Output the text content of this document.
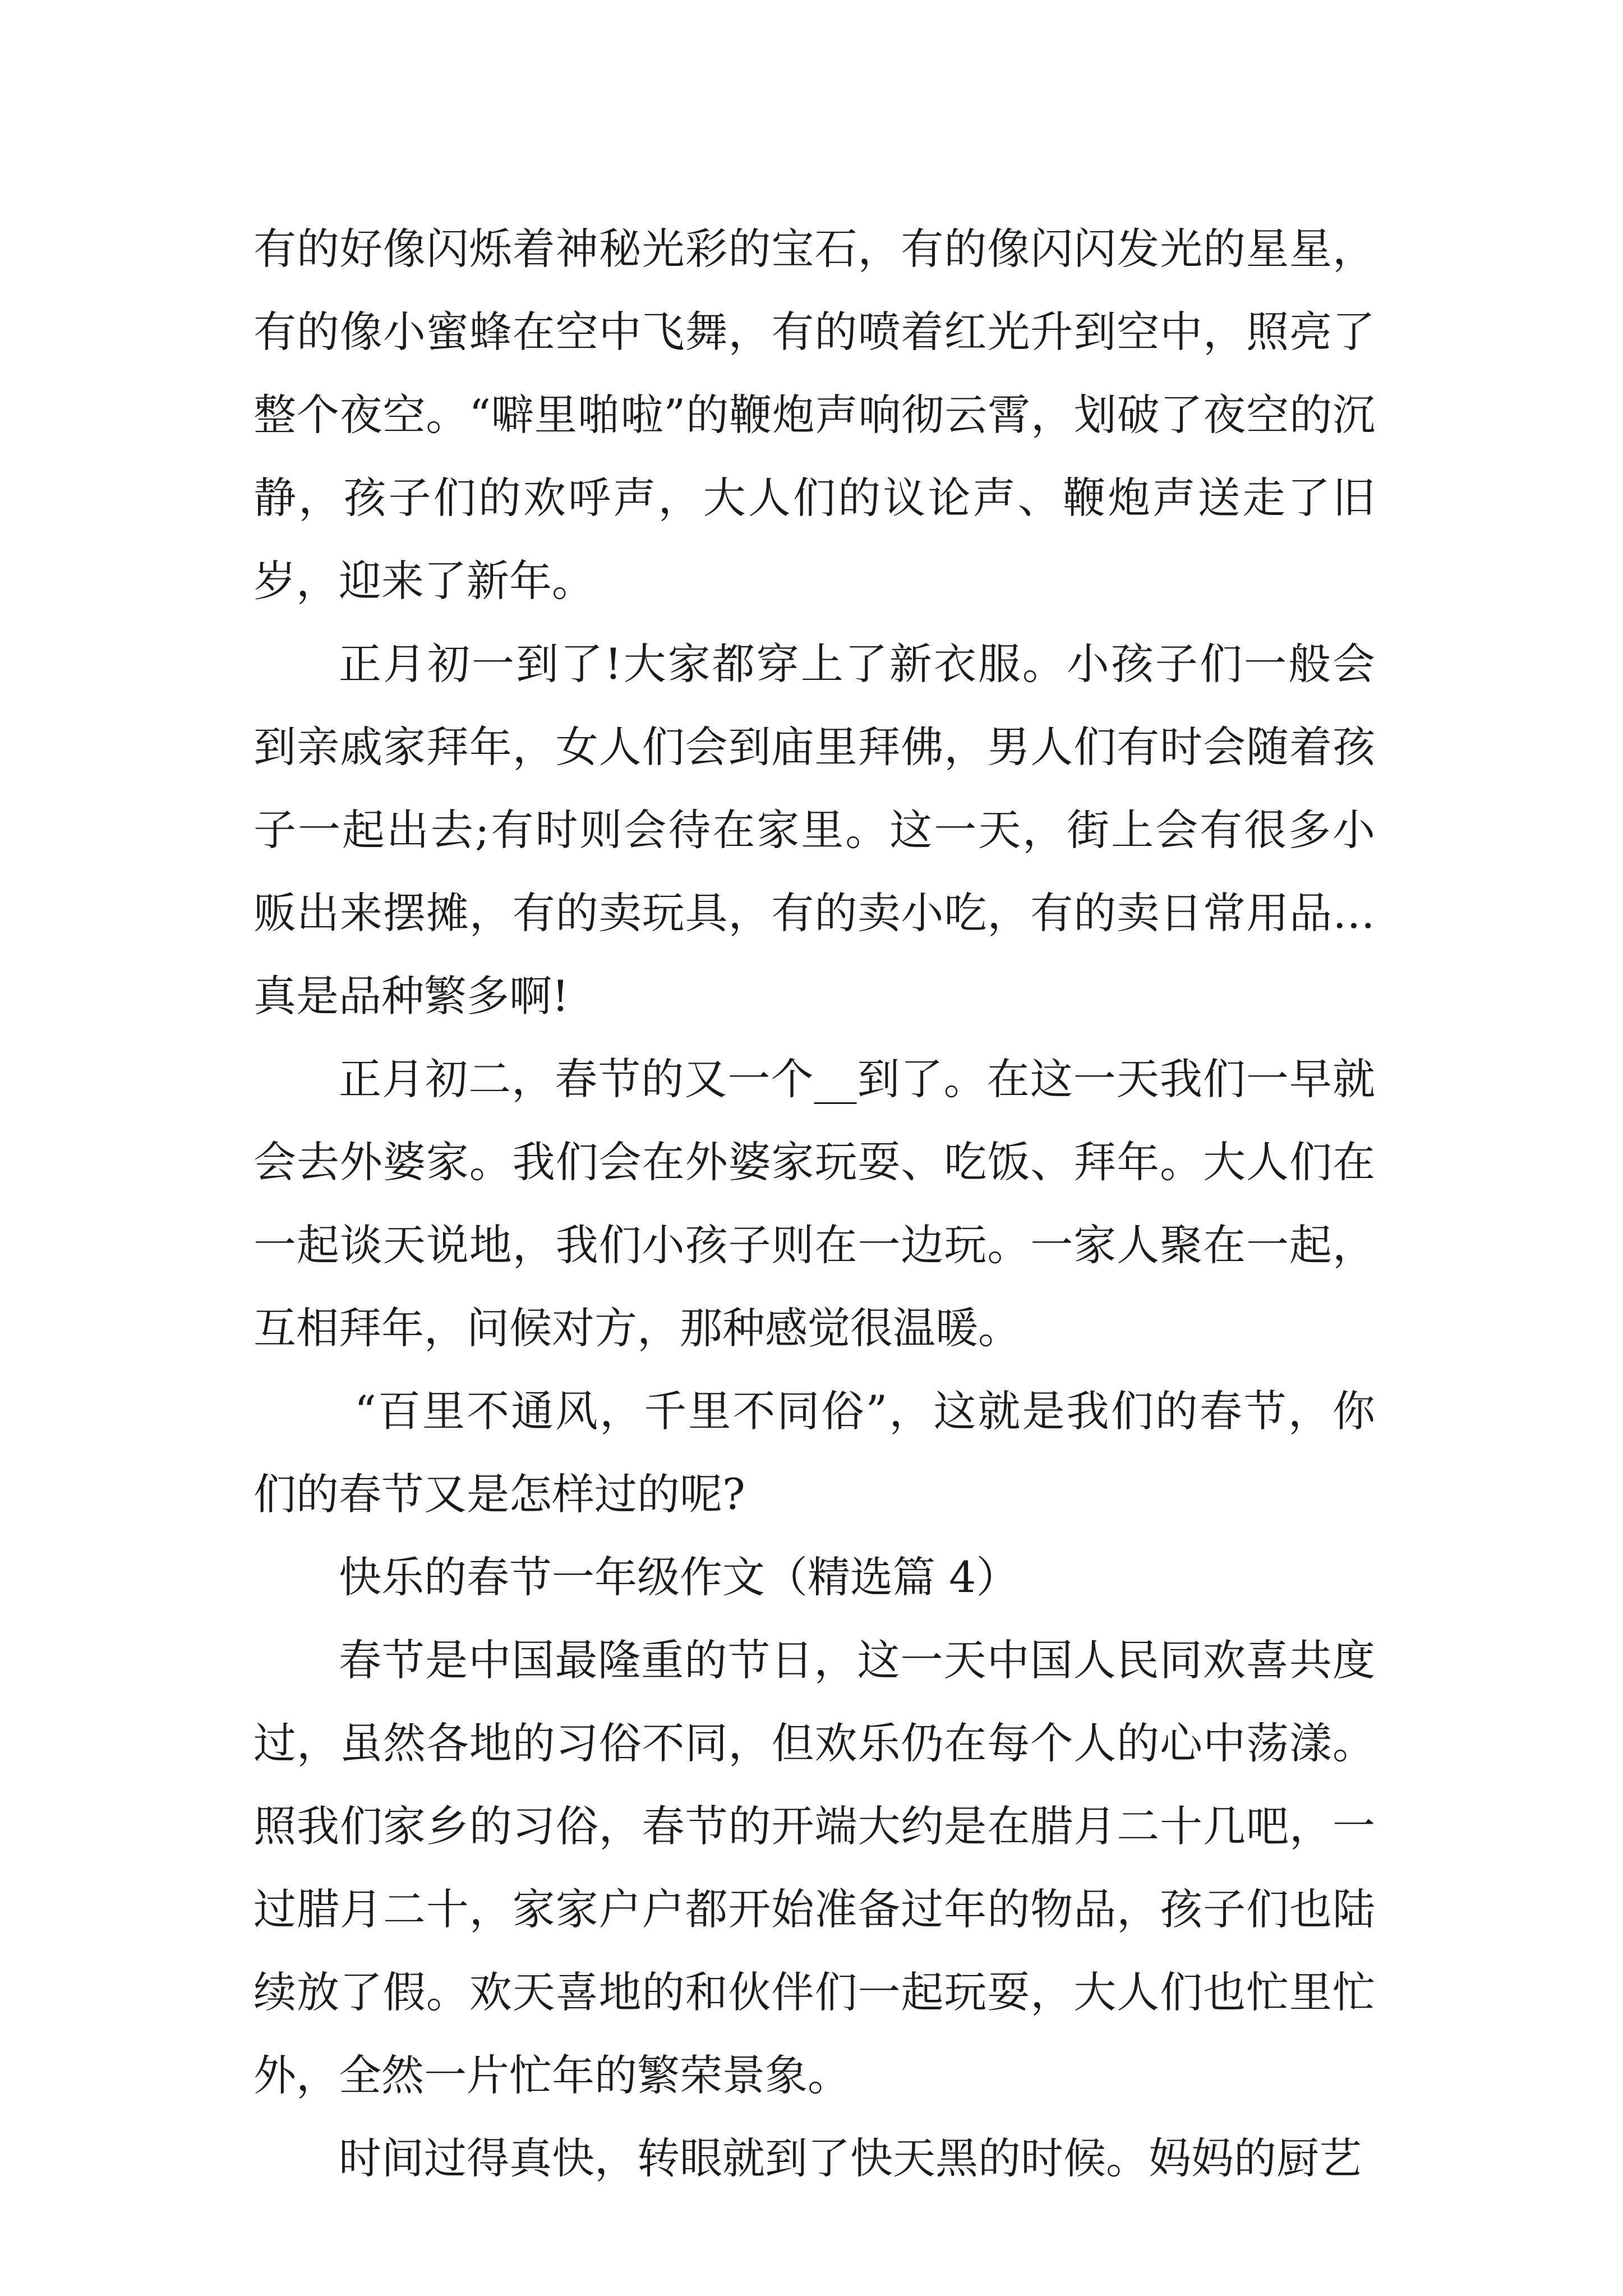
有的好像闪烁着神秘光彩的宝石，有的像闪闪发光的星星，有的像小蜜蜂在空中飞舞，有的喷着红光升到空中，照亮了整个夜空。“噼里啪啦”的鞭炮声响彻云霄，划破了夜空的沉静，孩子们的欢呼声，大人们的议论声、鞭炮声送走了旧岁，迎来了新年。

正月初一到了!大家都穿上了新衣服。小孩子们一般会到亲戚家拜年，女人们会到庙里拜佛，男人们有时会随着孩子一起出去;有时则会待在家里。这一天，街上会有很多小贩出来摆摊，有的卖玩具，有的卖小吃，有的卖日常用品…真是品种繁多啊!

正月初二，春节的又一个__到了。在这一天我们一早就会去外婆家。我们会在外婆家玩耍、吃饭、拜年。大人们在一起谈天说地，我们小孩子则在一边玩。一家人聚在一起，互相拜年，问候对方，那种感觉很温暖。

“百里不通风，千里不同俗”，这就是我们的春节，你们的春节又是怎样过的呢?

快乐的春节一年级作文（精选篇 4）

春节是中国最隆重的节日，这一天中国人民同欢喜共度过，虽然各地的习俗不同，但欢乐仍在每个人的心中荡漾。照我们家乡的习俗，春节的开端大约是在腊月二十几吧，一过腊月二十，家家户户都开始准备过年的物品，孩子们也陆续放了假。欢天喜地的和伙伴们一起玩耍，大人们也忙里忙外，全然一片忙年的繁荣景象。

时间过得真快，转眼就到了快天黑的时候。妈妈的厨艺
